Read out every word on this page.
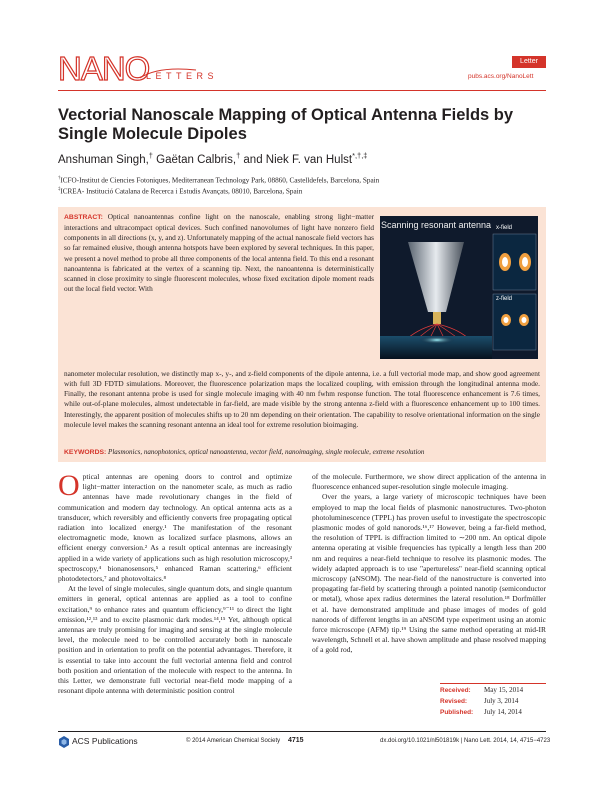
NANO
LETTERS
Letter
pubs.acs.org/NanoLett
Vectorial Nanoscale Mapping of Optical Antenna Fields by Single Molecule Dipoles
Anshuman Singh,† Gaëtan Calbris,† and Niek F. van Hulst*,†,‡
†ICFO-Institut de Ciencies Fotoniques, Mediterranean Technology Park, 08860, Castelldefels, Barcelona, Spain
‡ICREA- Institució Catalana de Recerca i Estudis Avançats, 08010, Barcelona, Spain
ABSTRACT: Optical nanoantennas confine light on the nanoscale, enabling strong light−matter interactions and ultracompact optical devices. Such confined nanovolumes of light have nonzero field components in all directions (x, y, and z). Unfortunately mapping of the actual nanoscale field vectors has so far remained elusive, though antenna hotspots have been explored by several techniques. In this paper, we present a novel method to probe all three components of the local antenna field. To this end a resonant nanoantenna is fabricated at the vertex of a scanning tip. Next, the nanoantenna is deterministically scanned in close proximity to single fluorescent molecules, whose fixed excitation dipole moment reads out the local field vector. With
nanometer molecular resolution, we distinctly map x-, y-, and z-field components of the dipole antenna, i.e. a full vectorial mode map, and show good agreement with full 3D FDTD simulations. Moreover, the fluorescence polarization maps the localized coupling, with emission through the longitudinal antenna mode. Finally, the resonant antenna probe is used for single molecule imaging with 40 nm fwhm response function. The total fluorescence enhancement is 7.6 times, while out-of-plane molecules, almost undetectable in far-field, are made visible by the strong antenna z-field with a fluorescence enhancement up to 100 times. Interestingly, the apparent position of molecules shifts up to 20 nm depending on their orientation. The capability to resolve orientational information on the single molecule level makes the scanning resonant antenna an ideal tool for extreme resolution bioimaging.
Scanning resonant antenna x-field
z-field
KEYWORDS: Plasmonics, nanophotonics, optical nanoantenna, vector field, nanoimaging, single molecule, extreme resolution

Optical antennas are opening doors to control and optimize light−matter interaction on the nanometer scale, as much as radio antennas have made revolutionary changes in the field of communication and modern day technology. An optical antenna acts as a transducer, which reversibly and efficiently converts free propagating optical radiation into localized energy.¹ The manifestation of the resonant electromagnetic mode, known as localized surface plasmons, allows an efficient energy conversion.² As a result optical antennas are increasingly applied in a wide variety of applications such as high resolution microscopy,³ spectroscopy,⁴ bionanosensors,⁵ enhanced Raman scattering,⁶ efficient photodetectors,⁷ and photovoltaics.⁸

At the level of single molecules, single quantum dots, and single quantum emitters in general, optical antennas are applied as a tool to confine excitation,⁹ to enhance rates and quantum efficiency,⁹⁻¹¹ to direct the light emission,¹²,¹³ and to excite plasmonic dark modes.¹⁴,¹⁵ Yet, although optical antennas are truly promising for imaging and sensing at the single molecule level, the molecule need to be controlled accurately both in nanoscale position and in orientation to profit on the potential advantages. Therefore, it is essential to take into account the full vectorial antenna field and control both position and orientation of the molecule with respect to the antenna. In this Letter, we demonstrate full vectorial near-field mode mapping of a resonant dipole antenna with deterministic position control

of the molecule. Furthermore, we show direct application of the antenna in fluorescence enhanced super-resolution single molecule imaging.

Over the years, a large variety of microscopic techniques have been employed to map the local fields of plasmonic nanostructures. Two-photon photoluminescence (TPPL) has proven useful to investigate the spectroscopic plasmonic modes of gold nanorods.¹⁶,¹⁷ However, being a far-field method, the resolution of TPPL is diffraction limited to ∼200 nm. An optical dipole antenna operating at visible frequencies has typically a length less than 200 nm and requires a near-field technique to resolve its plasmonic modes. The widely adapted approach is to use "apertureless" near-field scanning optical microscopy (aNSOM). The near-field of the nanostructure is converted into propagating far-field by scattering through a pointed nanotip (semiconductor or metal), whose apex radius determines the lateral resolution.¹⁸ Dorfmüller et al. have demonstrated amplitude and phase images of modes of gold nanorods of different lengths in an aNSOM type experiment using an atomic force microscope (AFM) tip.¹⁹ Using the same method operating at mid-IR wavelength, Schnell et al. have shown amplitude and phase resolved mapping of a gold rod,

Received: May 15, 2014
Revised: July 3, 2014
Published: July 14, 2014
ACS Publications	© 2014 American Chemical Society 4715	dx.doi.org/10.1021/nl501819k | Nano Lett. 2014, 14, 4715−4723
